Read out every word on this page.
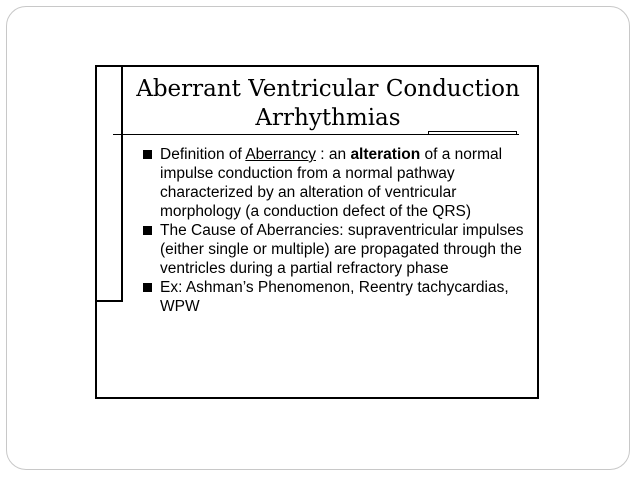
Aberrant Ventricular Conduction
Arrhythmias
Definition of Aberrancy : an alteration of a normal impulse conduction from a normal pathway characterized by an alteration of ventricular morphology (a conduction defect of the QRS)
The Cause of Aberrancies: supraventricular impulses (either single or multiple) are propagated through the ventricles during a partial refractory phase
Ex: Ashman’s Phenomenon, Reentry tachycardias, WPW
